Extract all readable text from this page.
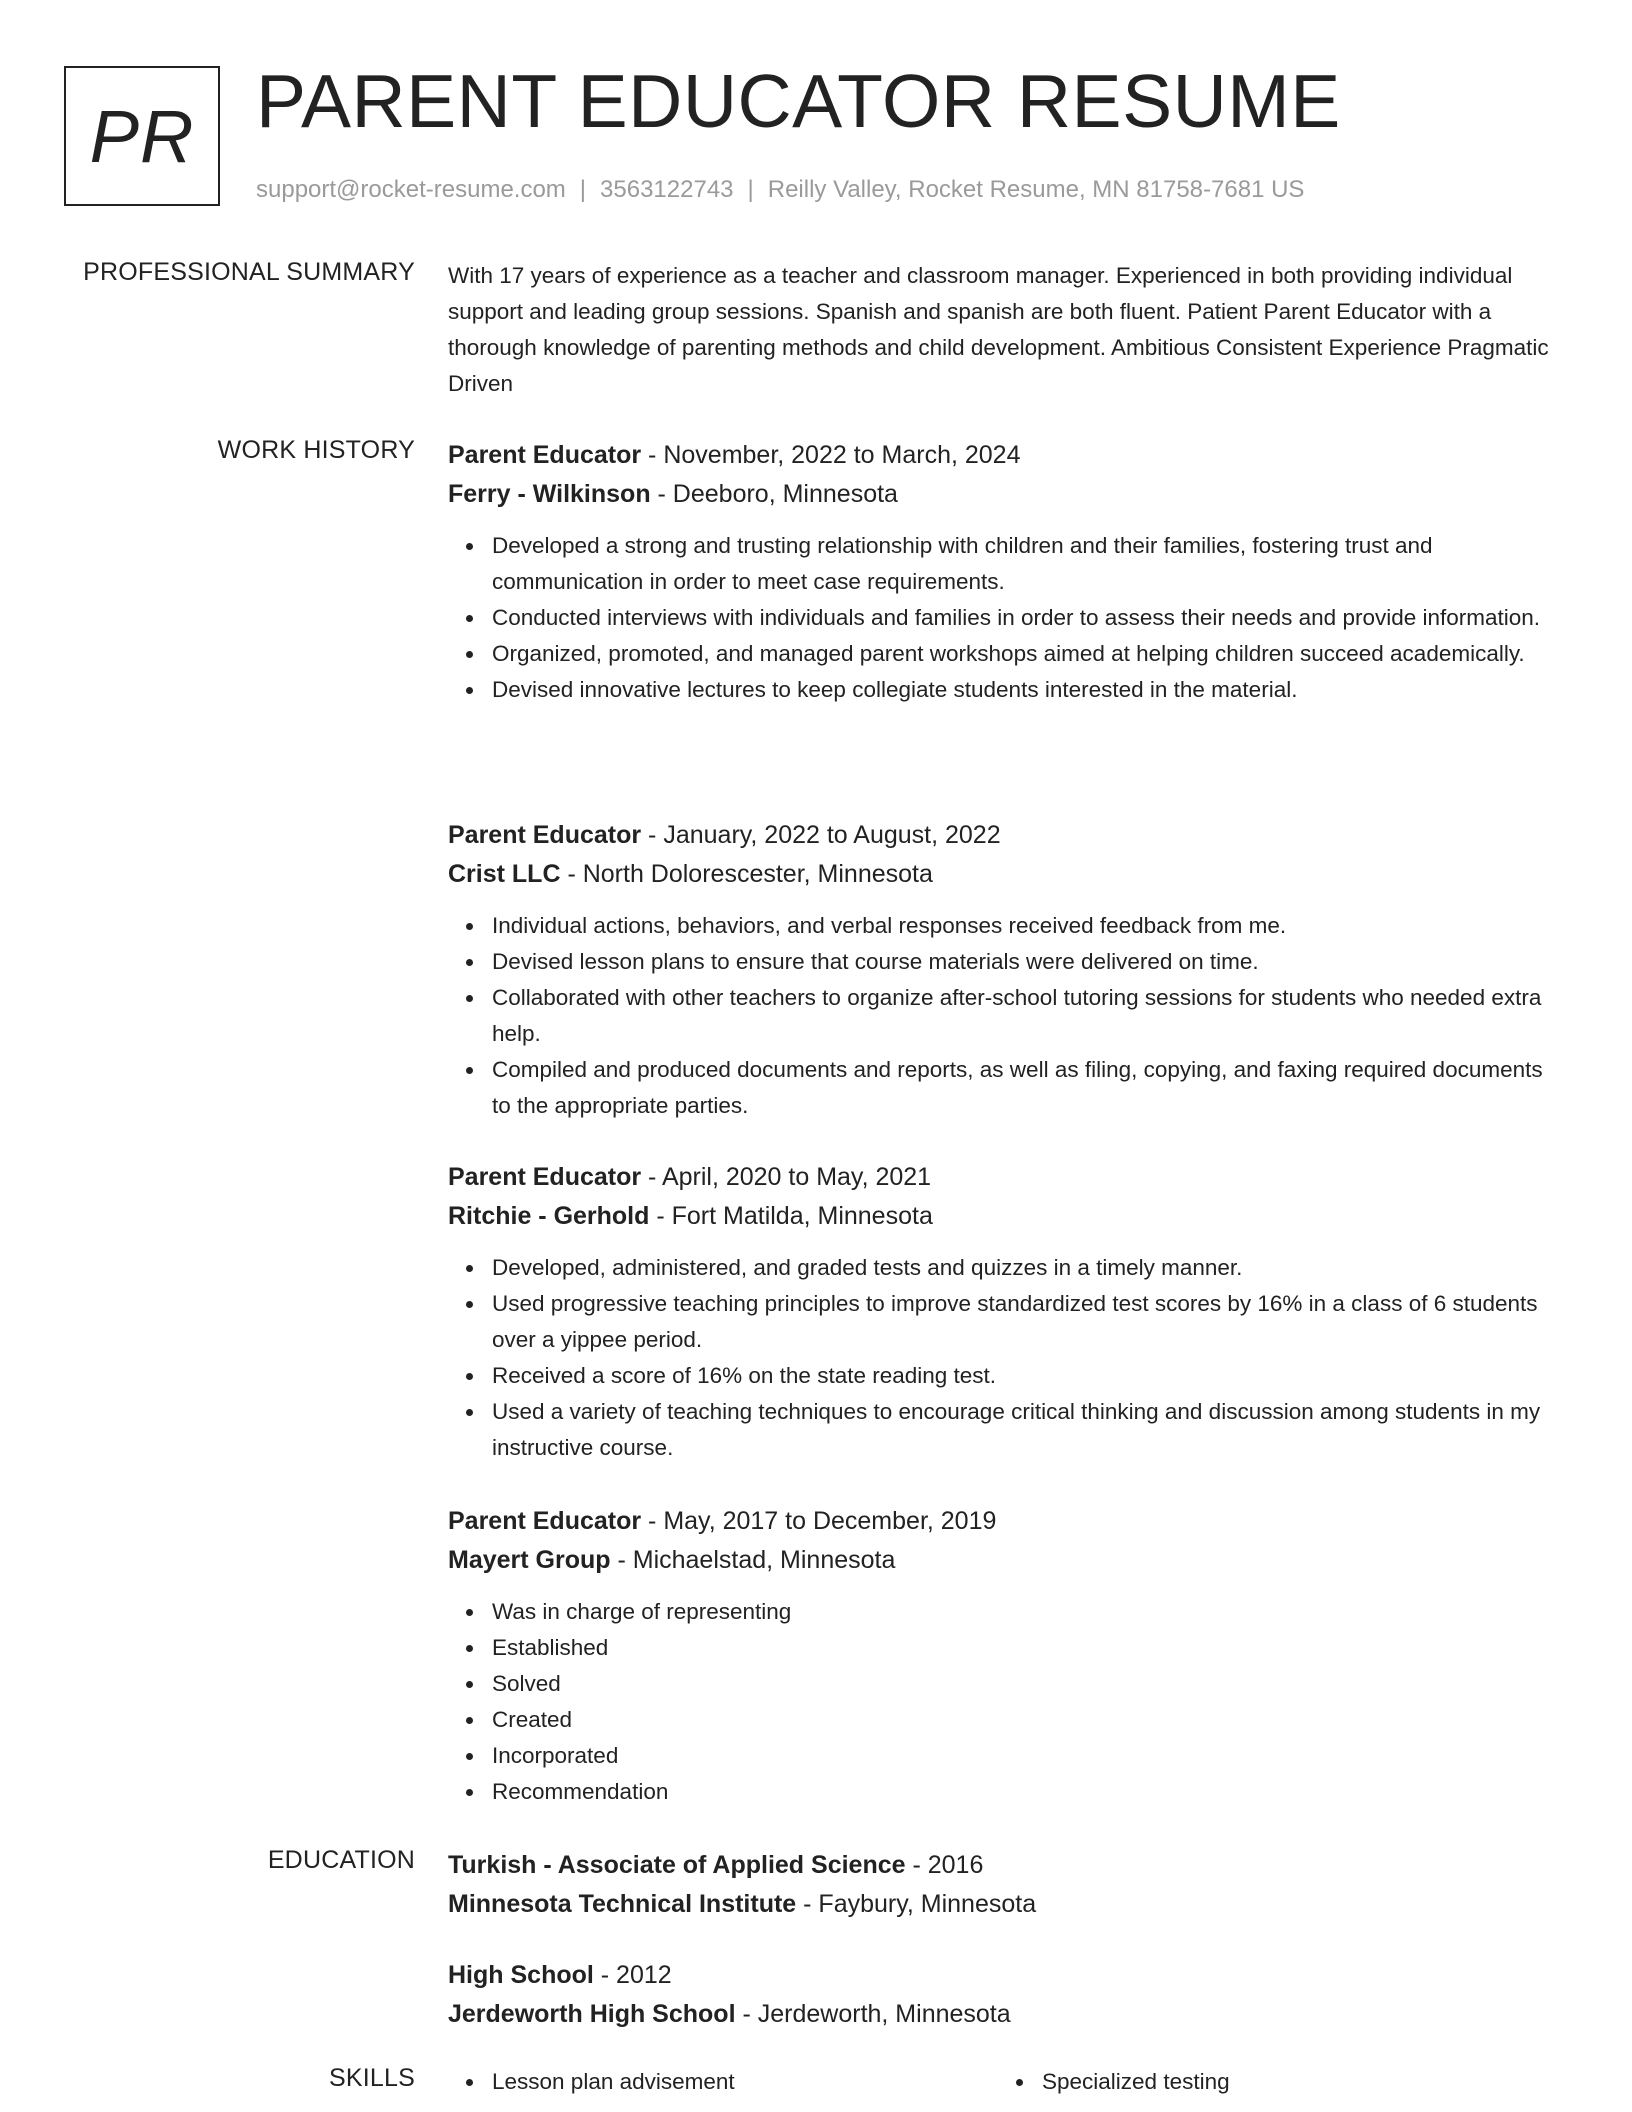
PR PARENT EDUCATOR RESUME
support@rocket-resume.com | 3563122743 | Reilly Valley, Rocket Resume, MN 81758-7681 US
PROFESSIONAL SUMMARY With 17 years of experience as a teacher and classroom manager. Experienced in both providing individual support and leading group sessions. Spanish and spanish are both fluent. Patient Parent Educator with a thorough knowledge of parenting methods and child development. Ambitious Consistent Experience Pragmatic Driven

WORK HISTORY Parent Educator - November, 2022 to March, 2024
Ferry - Wilkinson - Deeboro, Minnesota
Developed a strong and trusting relationship with children and their families, fostering trust and communication in order to meet case requirements.
Conducted interviews with individuals and families in order to assess their needs and provide information.
Organized, promoted, and managed parent workshops aimed at helping children succeed academically.
Devised innovative lectures to keep collegiate students interested in the material.
Parent Educator - January, 2022 to August, 2022
Crist LLC - North Dolorescester, Minnesota
Individual actions, behaviors, and verbal responses received feedback from me.
Devised lesson plans to ensure that course materials were delivered on time.
Collaborated with other teachers to organize after-school tutoring sessions for students who needed extra help.
Compiled and produced documents and reports, as well as filing, copying, and faxing required documents to the appropriate parties.
Parent Educator - April, 2020 to May, 2021
Ritchie - Gerhold - Fort Matilda, Minnesota
Developed, administered, and graded tests and quizzes in a timely manner.
Used progressive teaching principles to improve standardized test scores by 16% in a class of 6 students over a yippee period.
Received a score of 16% on the state reading test.
Used a variety of teaching techniques to encourage critical thinking and discussion among students in my instructive course.
Parent Educator - May, 2017 to December, 2019
Mayert Group - Michaelstad, Minnesota
Was in charge of representing
Established
Solved
Created
Incorporated
Recommendation
EDUCATION Turkish - Associate of Applied Science - 2016
Minnesota Technical Institute - Faybury, Minnesota
High School - 2012
Jerdeworth High School - Jerdeworth, Minnesota
SKILLS	Lesson plan advisement	Specialized testing
